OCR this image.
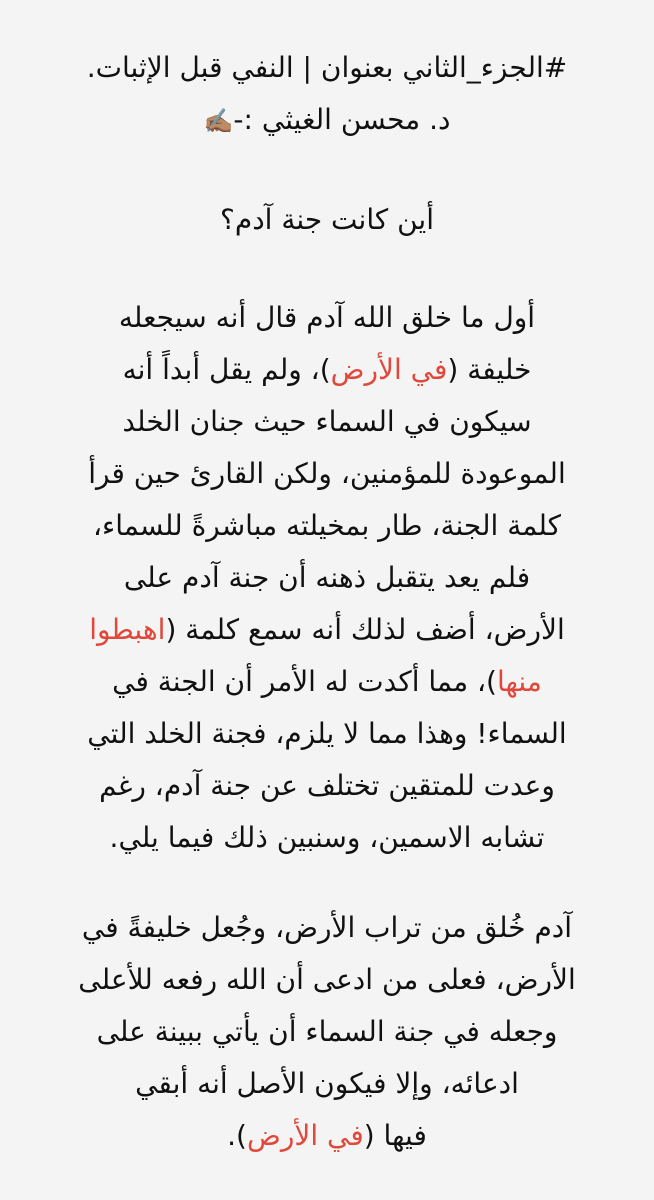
#الجزء_الثاني بعنوان | النفي قبل الإثبات.
د. محسن الغيثي :-✍🏽
أين كانت جنة آدم؟
أول ما خلق الله آدم قال أنه سيجعله
خليفة (في الأرض)، ولم يقل أبداً أنه
سيكون في السماء حيث جنان الخلد
الموعودة للمؤمنين، ولكن القارئ حين قرأ
كلمة الجنة، طار بمخيلته مباشرةً للسماء،
فلم يعد يتقبل ذهنه أن جنة آدم على
الأرض، أضف لذلك أنه سمع كلمة (اهبطوا
منها)، مما أكدت له الأمر أن الجنة في
السماء! وهذا مما لا يلزم، فجنة الخلد التي
وعدت للمتقين تختلف عن جنة آدم، رغم
تشابه الاسمين، وسنبين ذلك فيما يلي.
آدم خُلق من تراب الأرض، وجُعل خليفةً في
الأرض، فعلى من ادعى أن الله رفعه للأعلى
وجعله في جنة السماء أن يأتي ببينة على
ادعائه، وإلا فيكون الأصل أنه أبقي
فيها (في الأرض).
